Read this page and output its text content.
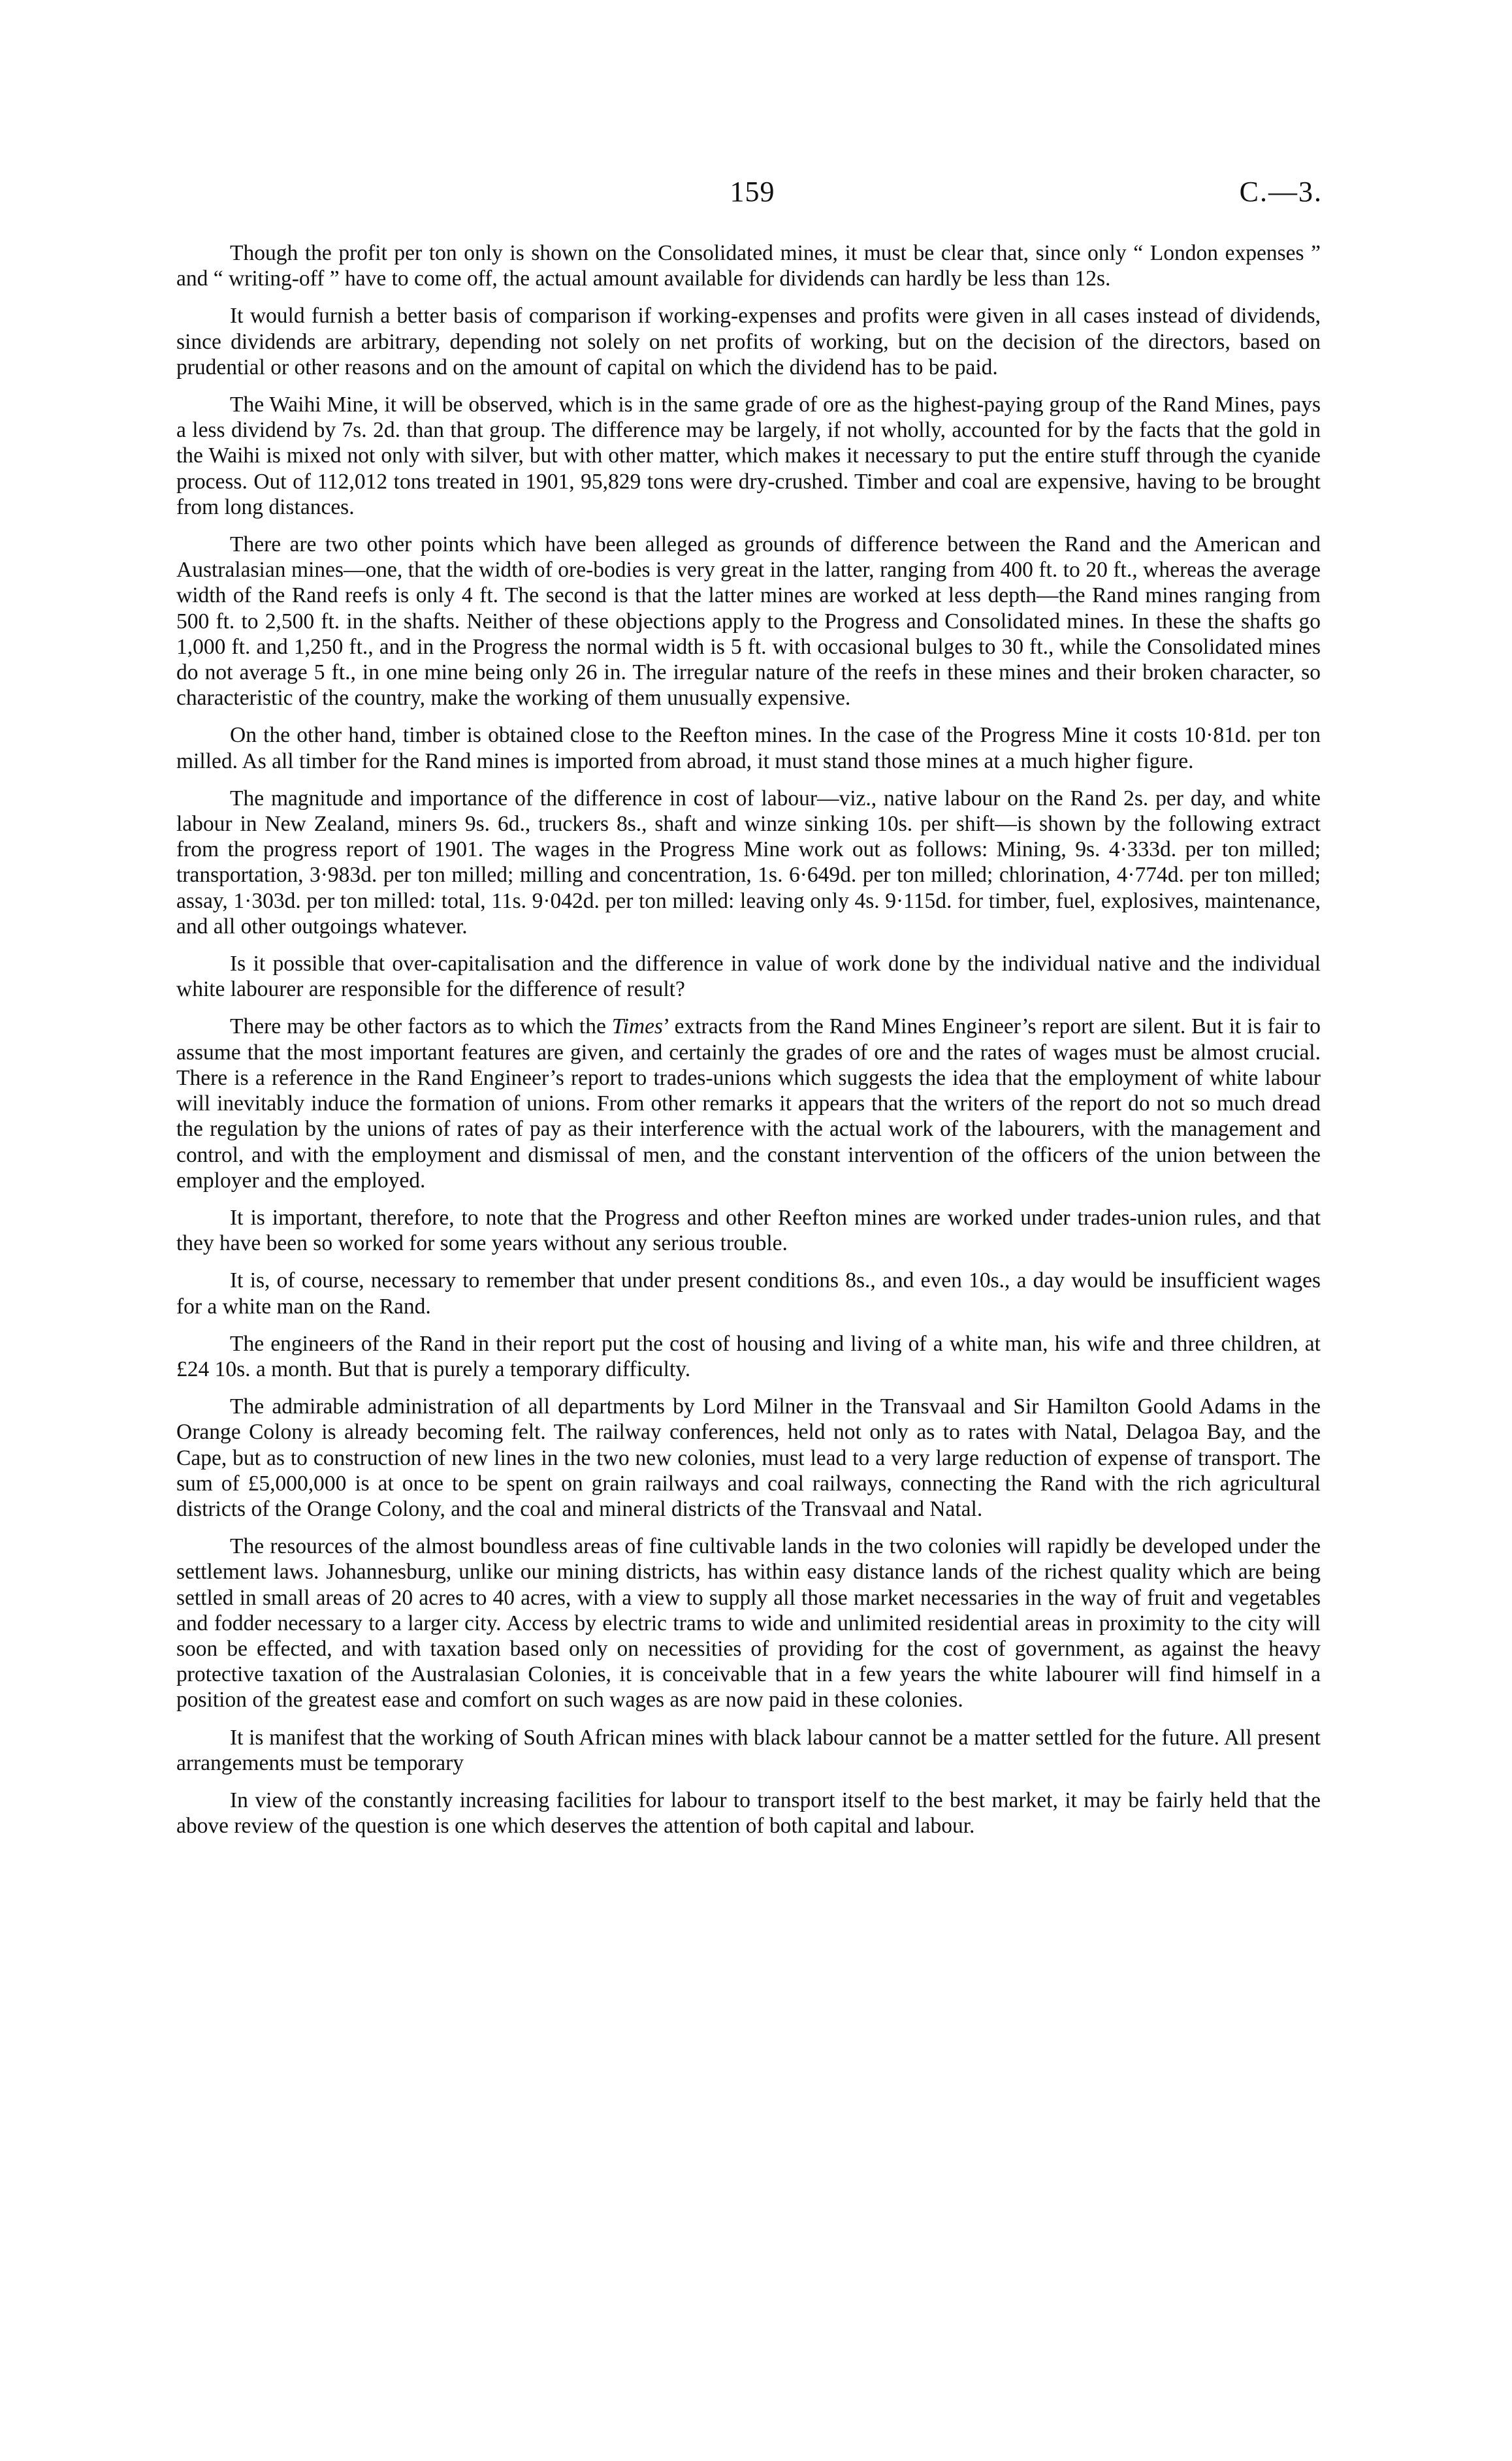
159	C.—3.

Though the profit per ton only is shown on the Consolidated mines, it must be clear that, since only “ London expenses ” and “ writing-off ” have to come off, the actual amount available for dividends can hardly be less than 12s.

It would furnish a better basis of comparison if working-expenses and profits were given in all cases instead of dividends, since dividends are arbitrary, depending not solely on net profits of working, but on the decision of the directors, based on prudential or other reasons and on the amount of capital on which the dividend has to be paid.

The Waihi Mine, it will be observed, which is in the same grade of ore as the highest-paying group of the Rand Mines, pays a less dividend by 7s. 2d. than that group. The difference may be largely, if not wholly, accounted for by the facts that the gold in the Waihi is mixed not only with silver, but with other matter, which makes it necessary to put the entire stuff through the cyanide process. Out of 112,012 tons treated in 1901, 95,829 tons were dry-crushed. Timber and coal are expensive, having to be brought from long distances.

There are two other points which have been alleged as grounds of difference between the Rand and the American and Australasian mines—one, that the width of ore-bodies is very great in the latter, ranging from 400 ft. to 20 ft., whereas the average width of the Rand reefs is only 4 ft. The second is that the latter mines are worked at less depth—the Rand mines ranging from 500 ft. to 2,500 ft. in the shafts. Neither of these objections apply to the Progress and Consolidated mines. In these the shafts go 1,000 ft. and 1,250 ft., and in the Progress the normal width is 5 ft. with occasional bulges to 30 ft., while the Consolidated mines do not average 5 ft., in one mine being only 26 in. The irregular nature of the reefs in these mines and their broken character, so characteristic of the country, make the working of them unusually expensive.

On the other hand, timber is obtained close to the Reefton mines. In the case of the Progress Mine it costs 10·81d. per ton milled. As all timber for the Rand mines is imported from abroad, it must stand those mines at a much higher figure.

The magnitude and importance of the difference in cost of labour—viz., native labour on the Rand 2s. per day, and white labour in New Zealand, miners 9s. 6d., truckers 8s., shaft and winze sinking 10s. per shift—is shown by the following extract from the progress report of 1901. The wages in the Progress Mine work out as follows: Mining, 9s. 4·333d. per ton milled; transportation, 3·983d. per ton milled; milling and concentration, 1s. 6·649d. per ton milled; chlorination, 4·774d. per ton milled; assay, 1·303d. per ton milled: total, 11s. 9·042d. per ton milled: leaving only 4s. 9·115d. for timber, fuel, explosives, maintenance, and all other outgoings whatever.

Is it possible that over-capitalisation and the difference in value of work done by the individual native and the individual white labourer are responsible for the difference of result?

There may be other factors as to which the Times’ extracts from the Rand Mines Engineer’s report are silent. But it is fair to assume that the most important features are given, and certainly the grades of ore and the rates of wages must be almost crucial. There is a reference in the Rand Engineer’s report to trades-unions which suggests the idea that the employment of white labour will inevitably induce the formation of unions. From other remarks it appears that the writers of the report do not so much dread the regulation by the unions of rates of pay as their interference with the actual work of the labourers, with the management and control, and with the employment and dismissal of men, and the constant intervention of the officers of the union between the employer and the employed.

It is important, therefore, to note that the Progress and other Reefton mines are worked under trades-union rules, and that they have been so worked for some years without any serious trouble.

It is, of course, necessary to remember that under present conditions 8s., and even 10s., a day would be insufficient wages for a white man on the Rand.

The engineers of the Rand in their report put the cost of housing and living of a white man, his wife and three children, at £24 10s. a month. But that is purely a temporary difficulty.

The admirable administration of all departments by Lord Milner in the Transvaal and Sir Hamilton Goold Adams in the Orange Colony is already becoming felt. The railway conferences, held not only as to rates with Natal, Delagoa Bay, and the Cape, but as to construction of new lines in the two new colonies, must lead to a very large reduction of expense of transport. The sum of £5,000,000 is at once to be spent on grain railways and coal railways, connecting the Rand with the rich agricultural districts of the Orange Colony, and the coal and mineral districts of the Transvaal and Natal.

The resources of the almost boundless areas of fine cultivable lands in the two colonies will rapidly be developed under the settlement laws. Johannesburg, unlike our mining districts, has within easy distance lands of the richest quality which are being settled in small areas of 20 acres to 40 acres, with a view to supply all those market necessaries in the way of fruit and vegetables and fodder necessary to a larger city. Access by electric trams to wide and unlimited residential areas in proximity to the city will soon be effected, and with taxation based only on necessities of providing for the cost of government, as against the heavy protective taxation of the Australasian Colonies, it is conceivable that in a few years the white labourer will find himself in a position of the greatest ease and comfort on such wages as are now paid in these colonies.

It is manifest that the working of South African mines with black labour cannot be a matter settled for the future. All present arrangements must be temporary

In view of the constantly increasing facilities for labour to transport itself to the best market, it may be fairly held that the above review of the question is one which deserves the attention of both capital and labour.
